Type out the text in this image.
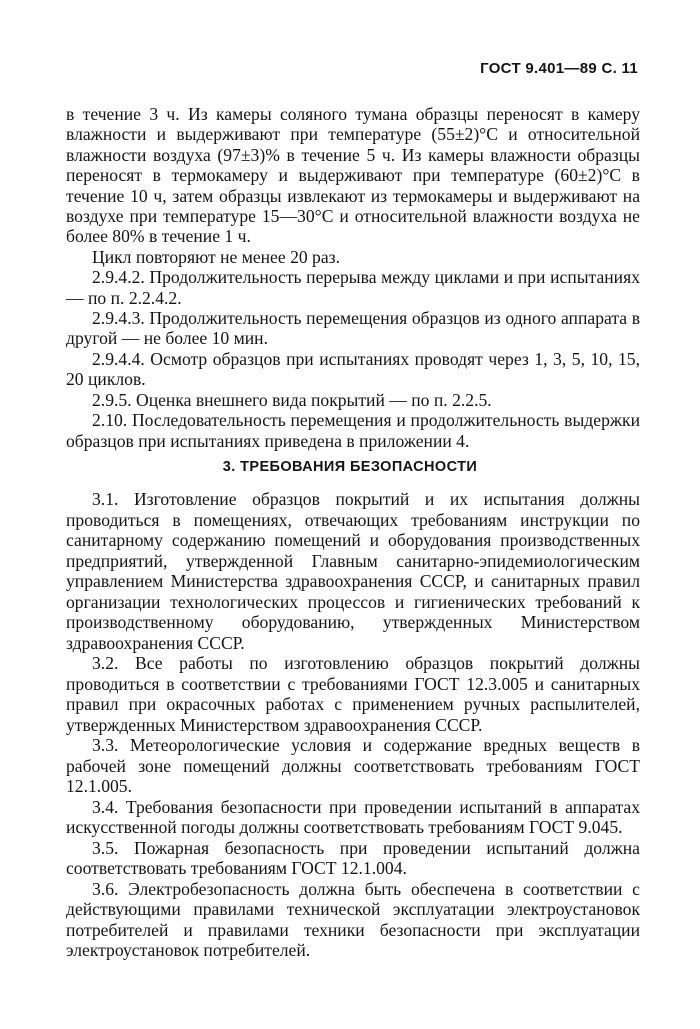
ГОСТ 9.401—89 С. 11

в течение 3 ч. Из камеры соляного тумана образцы переносят в камеру влажности и выдерживают при температуре (55±2)°С и относительной влажности воздуха (97±3)% в течение 5 ч. Из камеры влажности образцы переносят в термокамеру и выдерживают при температуре (60±2)°С в течение 10 ч, затем образцы извлекают из термокамеры и выдерживают на воздухе при температуре 15—30°С и относительной влажности воздуха не более 80% в течение 1 ч.

Цикл повторяют не менее 20 раз.

2.9.4.2. Продолжительность перерыва между циклами и при испытаниях — по п. 2.2.4.2.

2.9.4.3. Продолжительность перемещения образцов из одного аппарата в другой — не более 10 мин.

2.9.4.4. Осмотр образцов при испытаниях проводят через 1, 3, 5, 10, 15, 20 циклов.

2.9.5. Оценка внешнего вида покрытий — по п. 2.2.5.

2.10. Последовательность перемещения и продолжительность выдержки образцов при испытаниях приведена в приложении 4.

3. ТРЕБОВАНИЯ БЕЗОПАСНОСТИ

3.1. Изготовление образцов покрытий и их испытания должны проводиться в помещениях, отвечающих требованиям инструкции по санитарному содержанию помещений и оборудования производственных предприятий, утвержденной Главным санитарно-эпидемиологическим управлением Министерства здравоохранения СССР, и санитарных правил организации технологических процессов и гигиенических требований к производственному оборудованию, утвержденных Министерством здравоохранения СССР.

3.2. Все работы по изготовлению образцов покрытий должны проводиться в соответствии с требованиями ГОСТ 12.3.005 и санитарных правил при окрасочных работах с применением ручных распылителей, утвержденных Министерством здравоохранения СССР.

3.3. Метеорологические условия и содержание вредных веществ в рабочей зоне помещений должны соответствовать требованиям ГОСТ 12.1.005.

3.4. Требования безопасности при проведении испытаний в аппаратах искусственной погоды должны соответствовать требованиям ГОСТ 9.045.

3.5. Пожарная безопасность при проведении испытаний должна соответствовать требованиям ГОСТ 12.1.004.

3.6. Электробезопасность должна быть обеспечена в соответствии с действующими правилами технической эксплуатации электроустановок потребителей и правилами техники безопасности при эксплуатации электроустановок потребителей.
